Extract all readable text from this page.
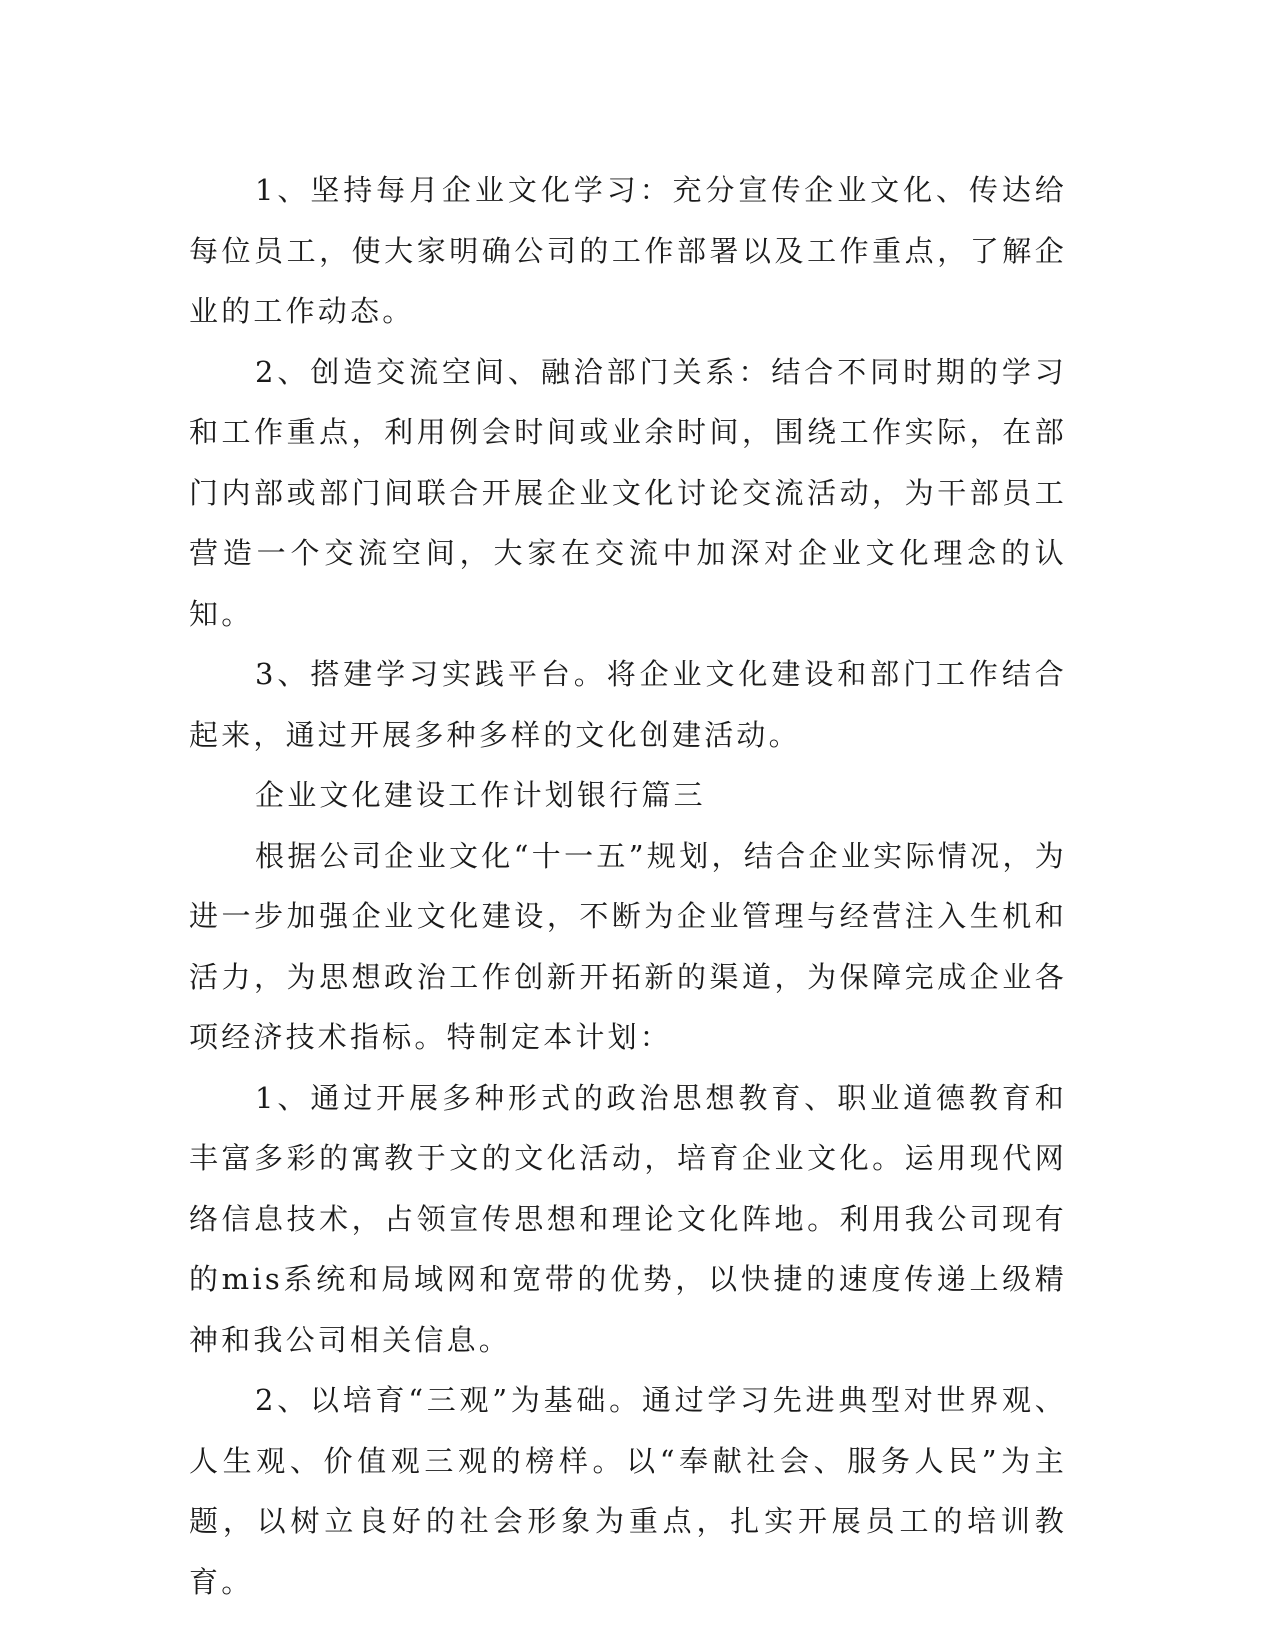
1、坚持每月企业文化学习：充分宣传企业文化、传达给每位员工，使大家明确公司的工作部署以及工作重点，了解企业的工作动态。

2、创造交流空间、融洽部门关系：结合不同时期的学习和工作重点，利用例会时间或业余时间，围绕工作实际，在部门内部或部门间联合开展企业文化讨论交流活动，为干部员工营造一个交流空间，大家在交流中加深对企业文化理念的认知。

3、搭建学习实践平台。将企业文化建设和部门工作结合起来，通过开展多种多样的文化创建活动。

企业文化建设工作计划银行篇三

根据公司企业文化“十一五”规划，结合企业实际情况，为进一步加强企业文化建设，不断为企业管理与经营注入生机和活力，为思想政治工作创新开拓新的渠道，为保障完成企业各项经济技术指标。特制定本计划：

1、通过开展多种形式的政治思想教育、职业道德教育和丰富多彩的寓教于文的文化活动，培育企业文化。运用现代网络信息技术，占领宣传思想和理论文化阵地。利用我公司现有的mis系统和局域网和宽带的优势，以快捷的速度传递上级精神和我公司相关信息。

2、以培育“三观”为基础。通过学习先进典型对世界观、人生观、价值观三观的榜样。以“奉献社会、服务人民”为主题，以树立良好的社会形象为重点，扎实开展员工的培训教育。
